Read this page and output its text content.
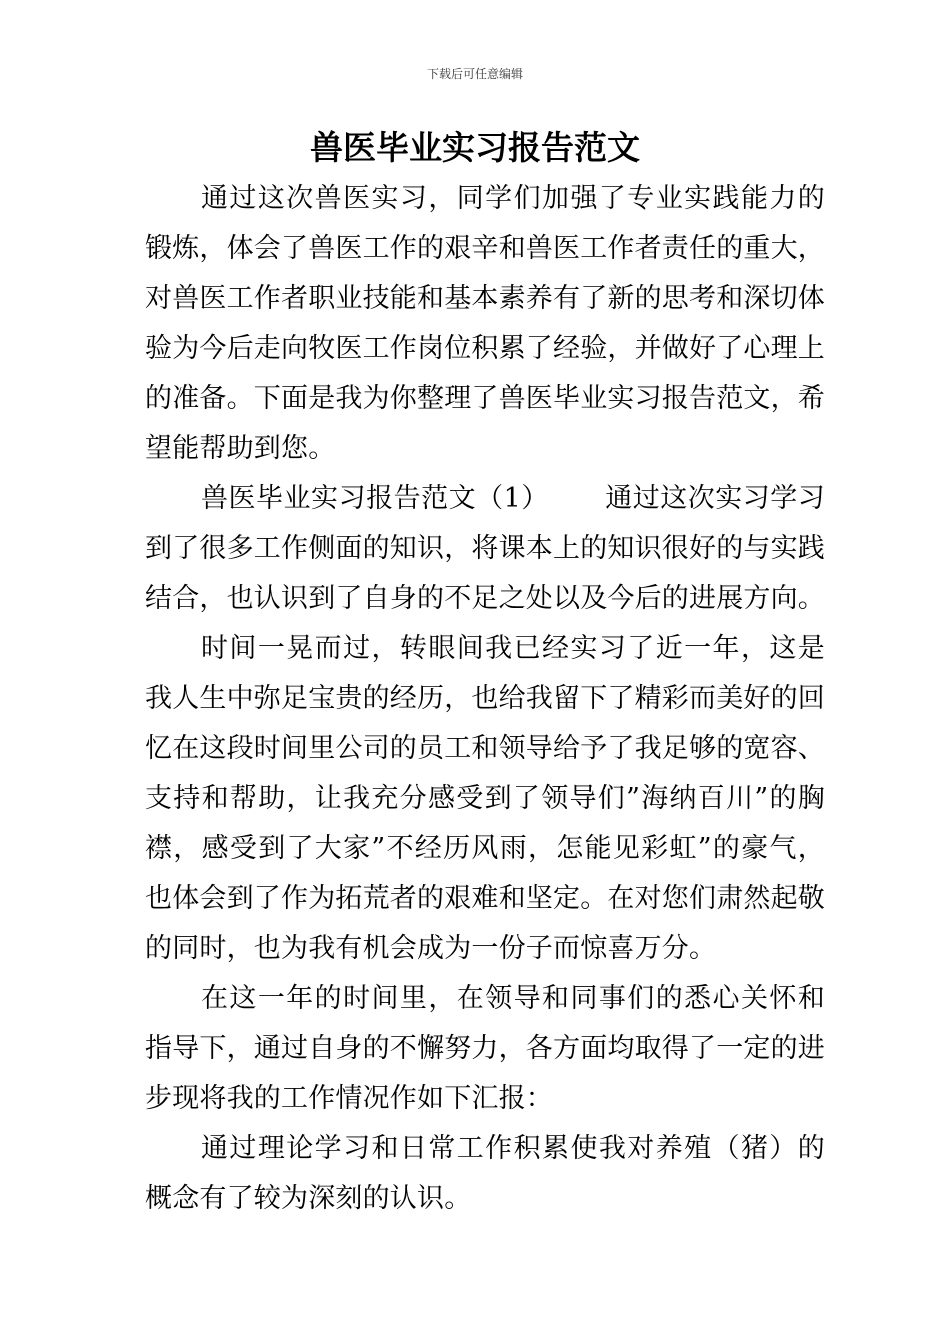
下载后可任意编辑
兽医毕业实习报告范文

通过这次兽医实习，同学们加强了专业实践能力的锻炼，体会了兽医工作的艰辛和兽医工作者责任的重大，对兽医工作者职业技能和基本素养有了新的思考和深切体验为今后走向牧医工作岗位积累了经验，并做好了心理上的准备。下面是我为你整理了兽医毕业实习报告范文，希望能帮助到您。

兽医毕业实习报告范文（1） 通过这次实习学习到了很多工作侧面的知识，将课本上的知识很好的与实践结合，也认识到了自身的不足之处以及今后的进展方向。

时间一晃而过，转眼间我已经实习了近一年，这是我人生中弥足宝贵的经历，也给我留下了精彩而美好的回忆在这段时间里公司的员工和领导给予了我足够的宽容、支持和帮助，让我充分感受到了领导们”海纳百川”的胸襟，感受到了大家”不经历风雨，怎能见彩虹”的豪气，也体会到了作为拓荒者的艰难和坚定。在对您们肃然起敬的同时，也为我有机会成为一份子而惊喜万分。

在这一年的时间里，在领导和同事们的悉心关怀和指导下，通过自身的不懈努力，各方面均取得了一定的进步现将我的工作情况作如下汇报：

通过理论学习和日常工作积累使我对养殖（猪）的概念有了较为深刻的认识。
